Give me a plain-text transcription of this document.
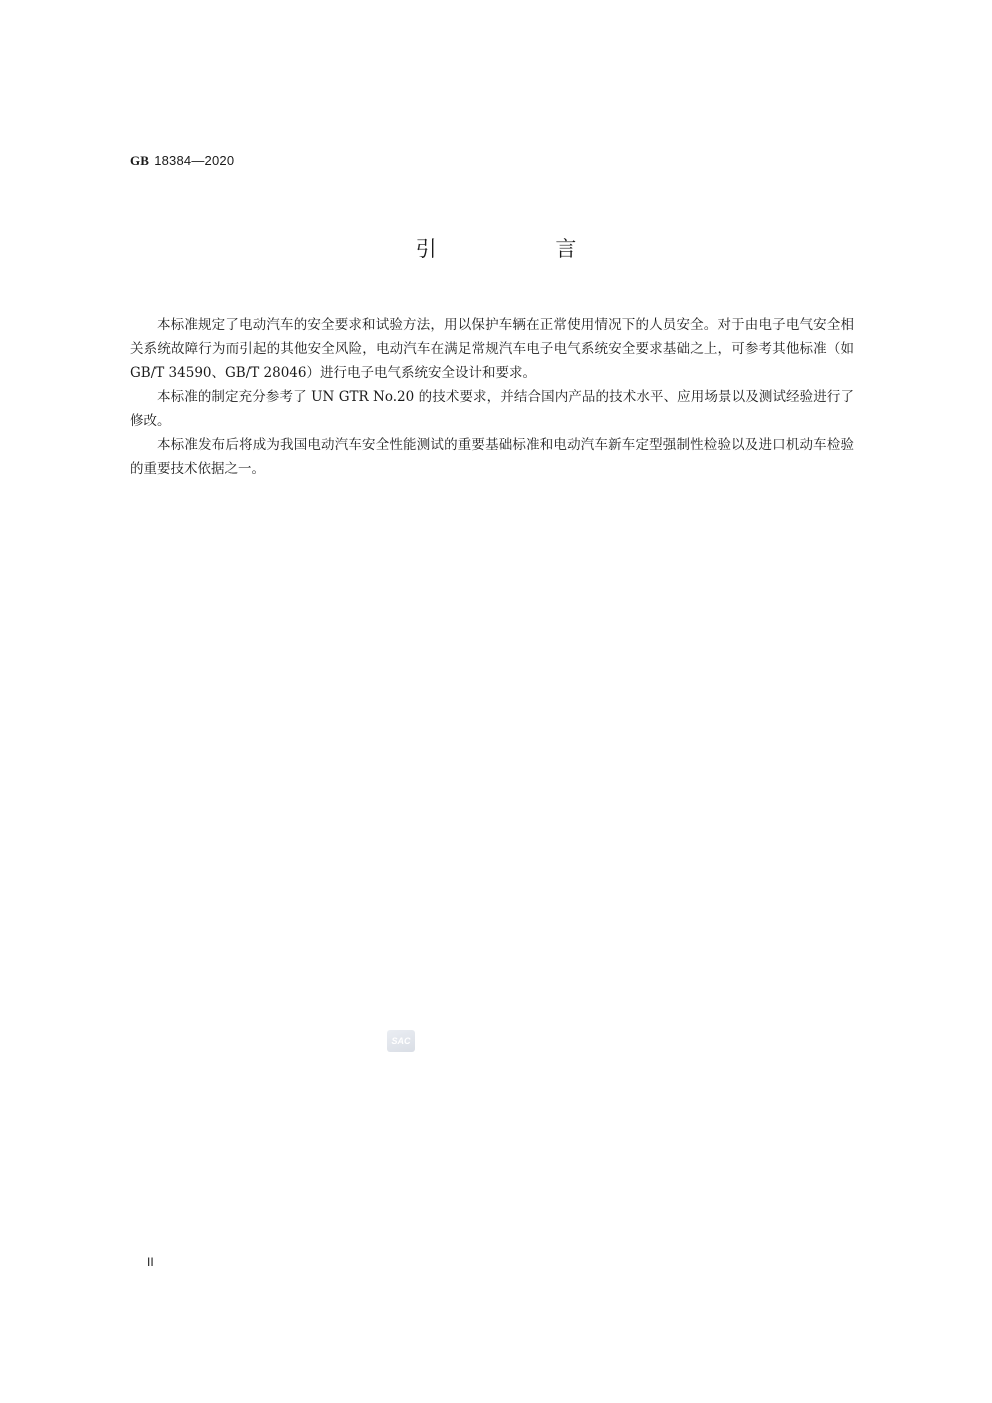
GB 18384—2020
引 言

本标准规定了电动汽车的安全要求和试验方法，用以保护车辆在正常使用情况下的人员安全。对于由电子电气安全相关系统故障行为而引起的其他安全风险，电动汽车在满足常规汽车电子电气系统安全要求基础之上，可参考其他标准（如 GB/T 34590、GB/T 28046）进行电子电气系统安全设计和要求。

本标准的制定充分参考了 UN GTR No.20 的技术要求，并结合国内产品的技术水平、应用场景以及测试经验进行了修改。

本标准发布后将成为我国电动汽车安全性能测试的重要基础标准和电动汽车新车定型强制性检验以及进口机动车检验的重要技术依据之一。

SAC
II
